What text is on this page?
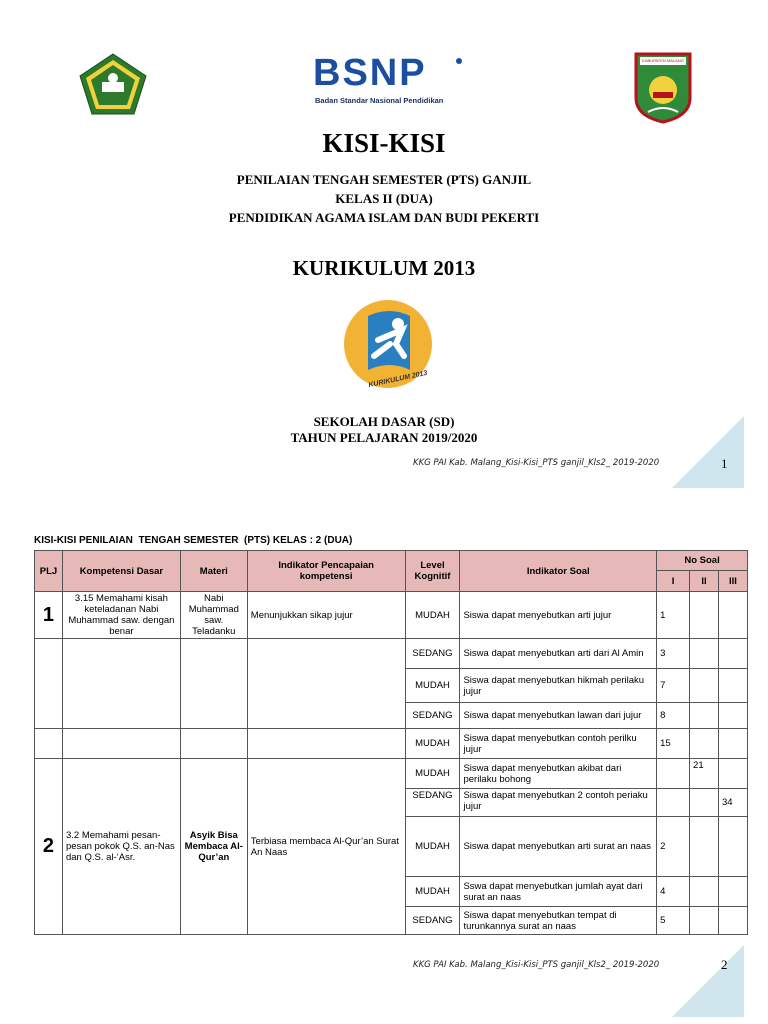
BSNP
Badan Standar Nasional Pendidikan
KABUPATEN MALANG
KISI-KISI
PENILAIAN TENGAH SEMESTER (PTS) GANJIL
KELAS II (DUA)
PENDIDIKAN AGAMA ISLAM DAN BUDI PEKERTI
KURIKULUM 2013
KURIKULUM 2013
SEKOLAH DASAR (SD)
TAHUN PELAJARAN 2019/2020
KKG PAI Kab. Malang_Kisi-Kisi_PTS ganjil_Kls2_ 2019-2020	1
KISI-KISI PENILAIAN  TENGAH SEMESTER  (PTS) KELAS : 2 (DUA)
PLJ	Kompetensi Dasar	Materi	Indikator Pencapaian kompetensi	Level Kognitif	Indikator Soal	No Soal		
						I	II	III
1	3.15 Memahami kisah keteladanan Nabi Muhammad saw. dengan benar	Nabi Muhammad saw. Teladanku	Menunjukkan sikap jujur	MUDAH	Siswa dapat menyebutkan arti jujur	1		
				SEDANG	Siswa dapat menyebutkan arti dari Al Amin	3		
				MUDAH	Siswa dapat menyebutkan hikmah perilaku jujur	7		
				SEDANG	Siswa dapat menyebutkan lawan dari jujur	8		
				MUDAH	Siswa dapat menyebutkan contoh perilku jujur	15		
2	3.2 Memahami pesan-pesan pokok Q.S. an-Nas dan Q.S. al-‘Asr.	Asyik Bisa Membaca Al-Qur’an	Terbiasa membaca Al-Qur’an Surat An Naas	MUDAH	Siswa dapat menyebutkan akibat dari perilaku bohong		21	
				SEDANG	Siswa dapat menyebutkan 2 contoh periaku jujur			34
				MUDAH	Siswa dapat menyebutkan arti surat an naas	2		
				MUDAH	Sswa dapat menyebutkan jumlah ayat dari surat an naas	4		
				SEDANG	Siswa dapat menyebutkan tempat di turunkannya surat an naas	5		
KKG PAI Kab. Malang_Kisi-Kisi_PTS ganjil_Kls2_ 2019-2020	2
